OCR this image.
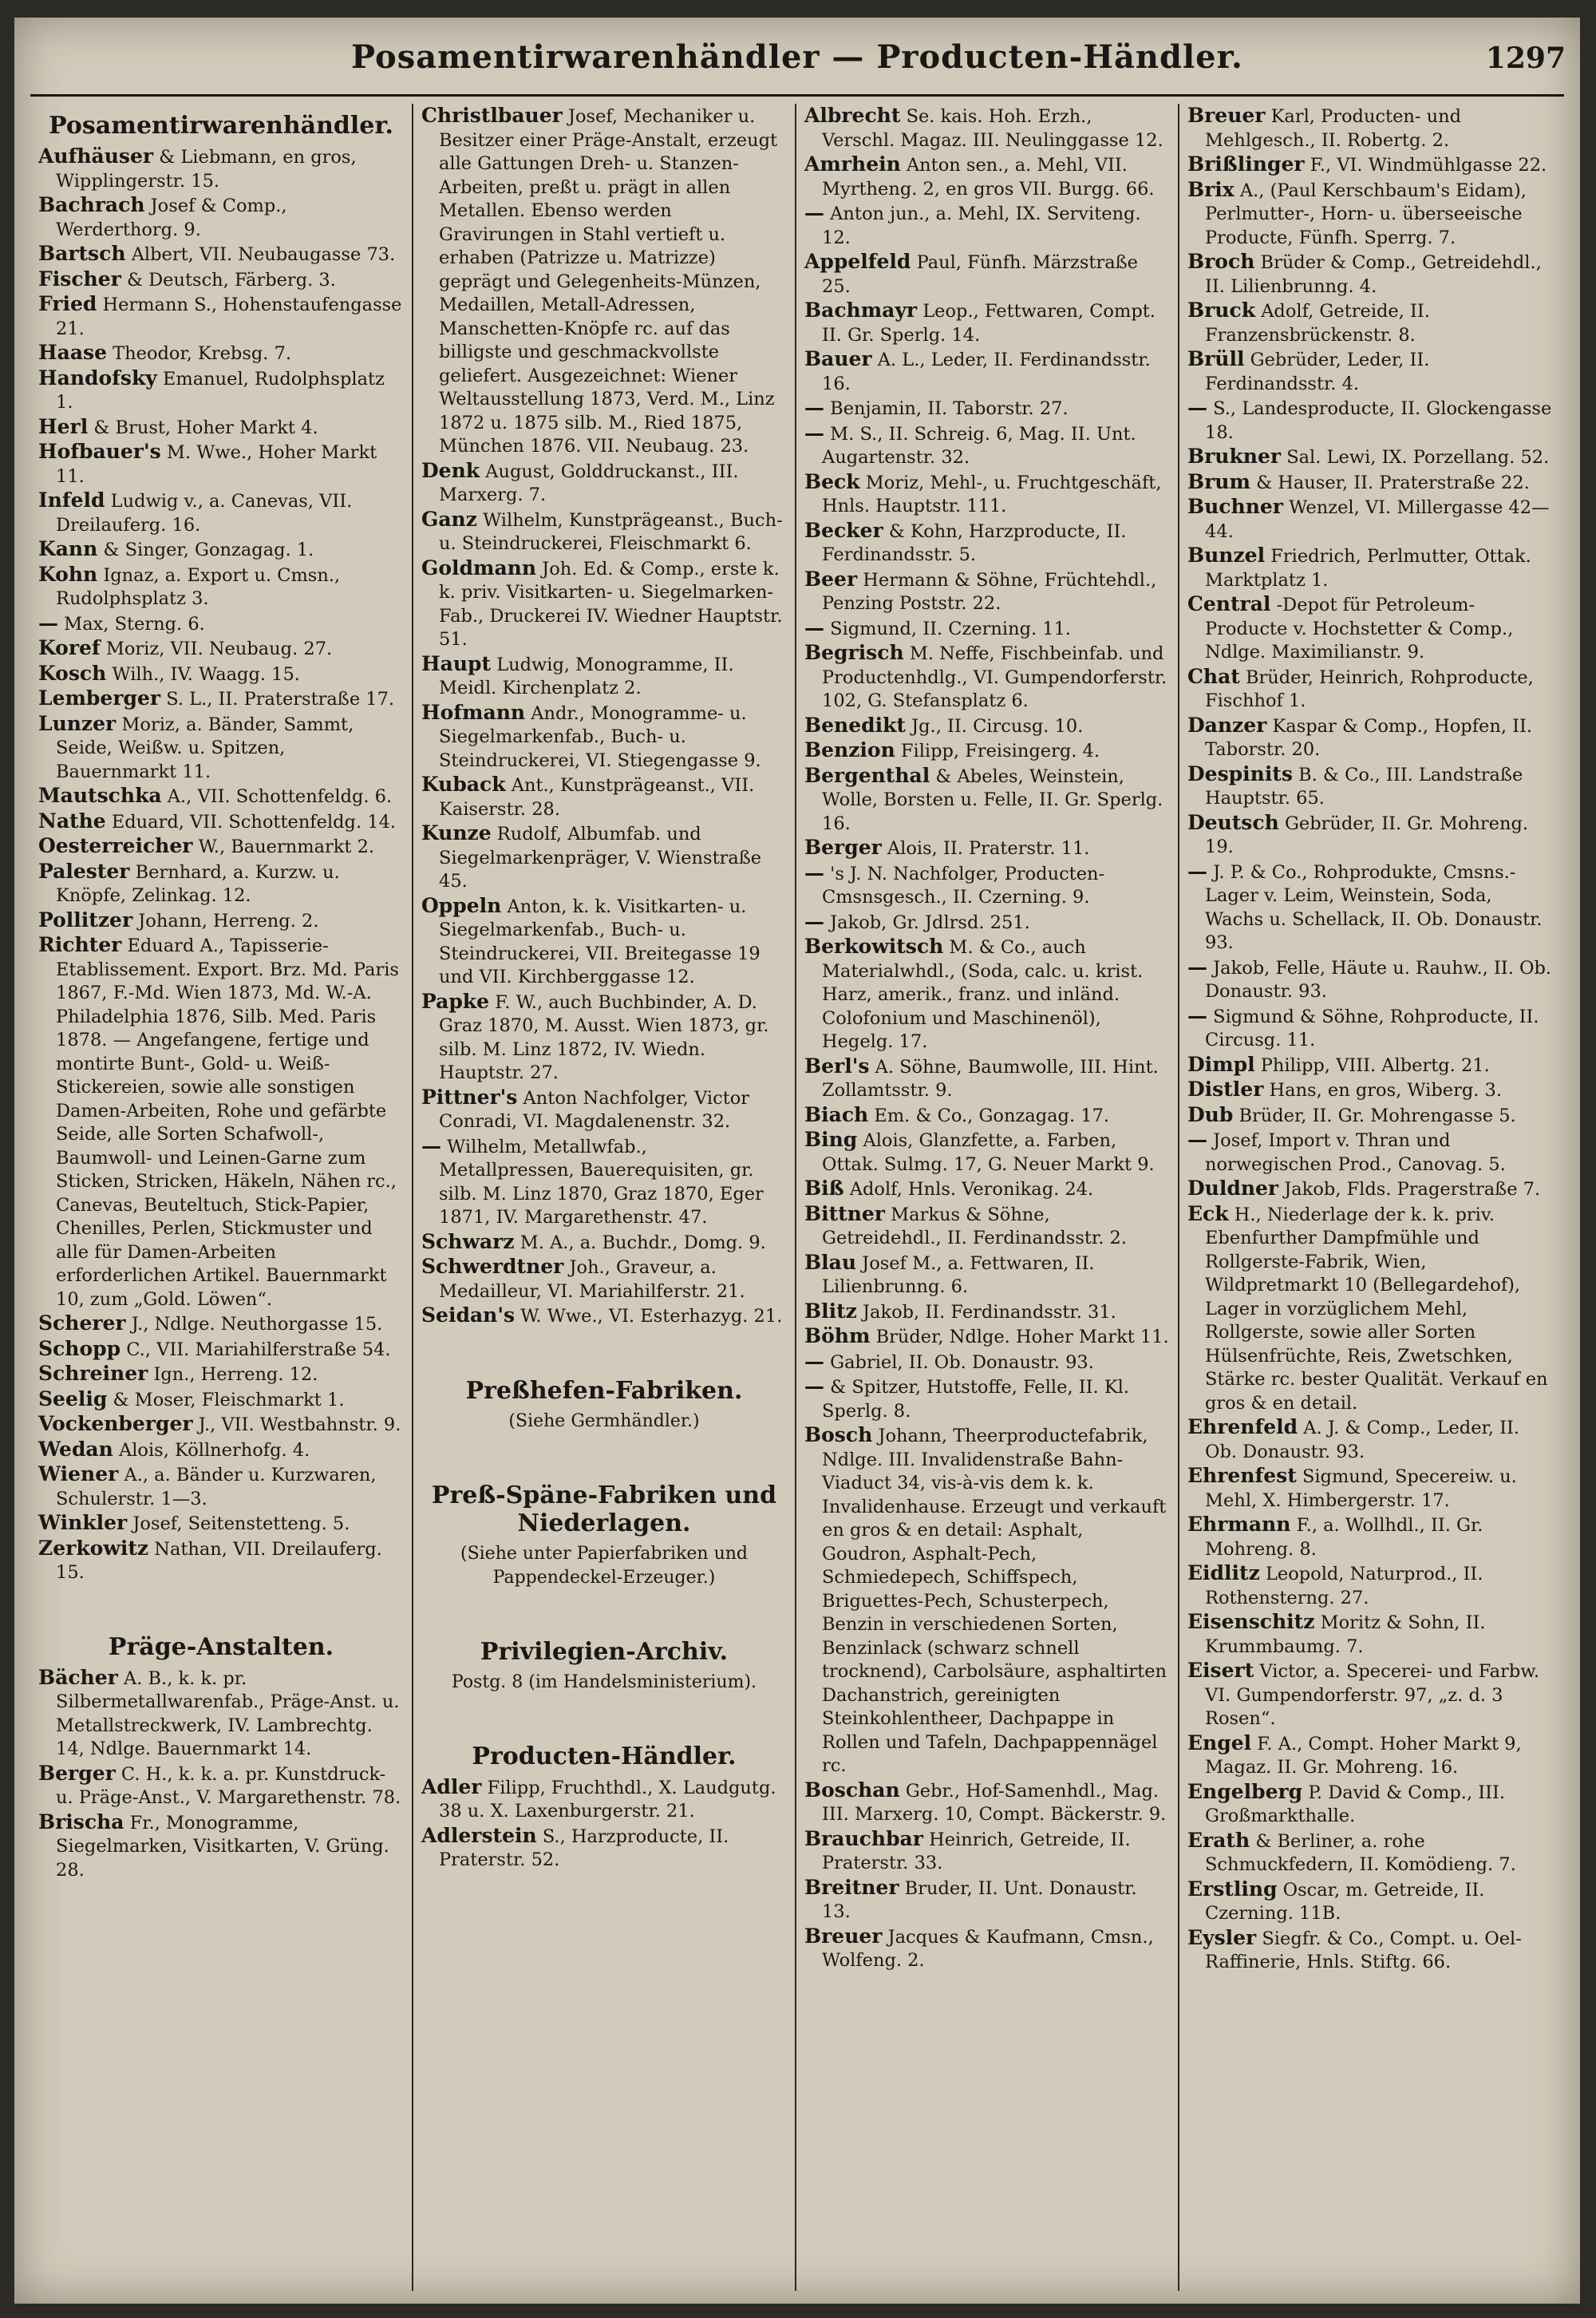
Posamentirwarenhändler — Producten-Händler.	1297
Posamentirwarenhändler.

Aufhäuser & Liebmann, en gros, Wipplingerstr. 15.

Bachrach Josef & Comp., Werderthorg. 9.

Bartsch Albert, VII. Neubaugasse 73.

Fischer & Deutsch, Färberg. 3.

Fried Hermann S., Hohenstaufengasse 21.

Haase Theodor, Krebsg. 7.

Handofsky Emanuel, Rudolphsplatz 1.

Herl & Brust, Hoher Markt 4.

Hofbauer's M. Wwe., Hoher Markt 11.

Infeld Ludwig v., a. Canevas, VII. Dreilauferg. 16.

Kann & Singer, Gonzagag. 1.

Kohn Ignaz, a. Export u. Cmsn., Rudolphsplatz 3.

— Max, Sterng. 6.

Koref Moriz, VII. Neubaug. 27.

Kosch Wilh., IV. Waagg. 15.

Lemberger S. L., II. Praterstraße 17.

Lunzer Moriz, a. Bänder, Sammt, Seide, Weißw. u. Spitzen, Bauernmarkt 11.

Mautschka A., VII. Schottenfeldg. 6.

Nathe Eduard, VII. Schottenfeldg. 14.

Oesterreicher W., Bauernmarkt 2.

Palester Bernhard, a. Kurzw. u. Knöpfe, Zelinkag. 12.

Pollitzer Johann, Herreng. 2.

Richter Eduard A., Tapisserie-Etablissement. Export. Brz. Md. Paris 1867, F.-Md. Wien 1873, Md. W.-A. Philadelphia 1876, Silb. Med. Paris 1878. — Angefangene, fertige und montirte Bunt-, Gold- u. Weiß-Stickereien, sowie alle sonstigen Damen-Arbeiten, Rohe und gefärbte Seide, alle Sorten Schafwoll-, Baumwoll- und Leinen-Garne zum Sticken, Stricken, Häkeln, Nähen rc., Canevas, Beuteltuch, Stick-Papier, Chenilles, Perlen, Stickmuster und alle für Damen-Arbeiten erforderlichen Artikel. Bauernmarkt 10, zum „Gold. Löwen“.

Scherer J., Ndlge. Neuthorgasse 15.

Schopp C., VII. Mariahilferstraße 54.

Schreiner Ign., Herreng. 12.

Seelig & Moser, Fleischmarkt 1.

Vockenberger J., VII. Westbahnstr. 9.

Wedan Alois, Köllnerhofg. 4.

Wiener A., a. Bänder u. Kurzwaren, Schulerstr. 1—3.

Winkler Josef, Seitenstetteng. 5.

Zerkowitz Nathan, VII. Dreilauferg. 15.

Präge-Anstalten.

Bächer A. B., k. k. pr. Silbermetallwarenfab., Präge-Anst. u. Metallstreckwerk, IV. Lambrechtg. 14, Ndlge. Bauernmarkt 14.

Berger C. H., k. k. a. pr. Kunstdruck- u. Präge-Anst., V. Margarethenstr. 78.

Brischa Fr., Monogramme, Siegelmarken, Visitkarten, V. Grüng. 28.

Christlbauer Josef, Mechaniker u. Besitzer einer Präge-Anstalt, erzeugt alle Gattungen Dreh- u. Stanzen-Arbeiten, preßt u. prägt in allen Metallen. Ebenso werden Gravirungen in Stahl vertieft u. erhaben (Patrizze u. Matrizze) geprägt und Gelegenheits-Münzen, Medaillen, Metall-Adressen, Manschetten-Knöpfe rc. auf das billigste und geschmackvollste geliefert. Ausgezeichnet: Wiener Weltausstellung 1873, Verd. M., Linz 1872 u. 1875 silb. M., Ried 1875, München 1876. VII. Neubaug. 23.

Denk August, Golddruckanst., III. Marxerg. 7.

Ganz Wilhelm, Kunstprägeanst., Buch- u. Steindruckerei, Fleischmarkt 6.

Goldmann Joh. Ed. & Comp., erste k. k. priv. Visitkarten- u. Siegelmarken-Fab., Druckerei IV. Wiedner Hauptstr. 51.

Haupt Ludwig, Monogramme, II. Meidl. Kirchenplatz 2.

Hofmann Andr., Monogramme- u. Siegelmarkenfab., Buch- u. Steindruckerei, VI. Stiegengasse 9.

Kuback Ant., Kunstprägeanst., VII. Kaiserstr. 28.

Kunze Rudolf, Albumfab. und Siegelmarkenpräger, V. Wienstraße 45.

Oppeln Anton, k. k. Visitkarten- u. Siegelmarkenfab., Buch- u. Steindruckerei, VII. Breitegasse 19 und VII. Kirchberggasse 12.

Papke F. W., auch Buchbinder, A. D. Graz 1870, M. Ausst. Wien 1873, gr. silb. M. Linz 1872, IV. Wiedn. Hauptstr. 27.

Pittner's Anton Nachfolger, Victor Conradi, VI. Magdalenenstr. 32.

— Wilhelm, Metallwfab., Metallpressen, Bauerequisiten, gr. silb. M. Linz 1870, Graz 1870, Eger 1871, IV. Margarethenstr. 47.

Schwarz M. A., a. Buchdr., Domg. 9.

Schwerdtner Joh., Graveur, a. Medailleur, VI. Mariahilferstr. 21.

Seidan's W. Wwe., VI. Esterhazyg. 21.

Preßhefen-Fabriken.
(Siehe Germhändler.)
Preß-Späne-Fabriken und Niederlagen.
(Siehe unter Papierfabriken und Pappendeckel-Erzeuger.)
Privilegien-Archiv.
Postg. 8 (im Handelsministerium).
Producten-Händler.

Adler Filipp, Fruchthdl., X. Laudgutg. 38 u. X. Laxenburgerstr. 21.

Adlerstein S., Harzproducte, II. Praterstr. 52.

Albrecht Se. kais. Hoh. Erzh., Verschl. Magaz. III. Neulinggasse 12.

Amrhein Anton sen., a. Mehl, VII. Myrtheng. 2, en gros VII. Burgg. 66.

— Anton jun., a. Mehl, IX. Serviteng. 12.

Appelfeld Paul, Fünfh. Märzstraße 25.

Bachmayr Leop., Fettwaren, Compt. II. Gr. Sperlg. 14.

Bauer A. L., Leder, II. Ferdinandsstr. 16.

— Benjamin, II. Taborstr. 27.

— M. S., II. Schreig. 6, Mag. II. Unt. Augartenstr. 32.

Beck Moriz, Mehl-, u. Fruchtgeschäft, Hnls. Hauptstr. 111.

Becker & Kohn, Harzproducte, II. Ferdinandsstr. 5.

Beer Hermann & Söhne, Früchtehdl., Penzing Poststr. 22.

— Sigmund, II. Czerning. 11.

Begrisch M. Neffe, Fischbeinfab. und Productenhdlg., VI. Gumpendorferstr. 102, G. Stefansplatz 6.

Benedikt Jg., II. Circusg. 10.

Benzion Filipp, Freisingerg. 4.

Bergenthal & Abeles, Weinstein, Wolle, Borsten u. Felle, II. Gr. Sperlg. 16.

Berger Alois, II. Praterstr. 11.

— 's J. N. Nachfolger, Producten-Cmsnsgesch., II. Czerning. 9.

— Jakob, Gr. Jdlrsd. 251.

Berkowitsch M. & Co., auch Materialwhdl., (Soda, calc. u. krist. Harz, amerik., franz. und inländ. Colofonium und Maschinenöl), Hegelg. 17.

Berl's A. Söhne, Baumwolle, III. Hint. Zollamtsstr. 9.

Biach Em. & Co., Gonzagag. 17.

Bing Alois, Glanzfette, a. Farben, Ottak. Sulmg. 17, G. Neuer Markt 9.

Biß Adolf, Hnls. Veronikag. 24.

Bittner Markus & Söhne, Getreidehdl., II. Ferdinandsstr. 2.

Blau Josef M., a. Fettwaren, II. Lilienbrunng. 6.

Blitz Jakob, II. Ferdinandsstr. 31.

Böhm Brüder, Ndlge. Hoher Markt 11.

— Gabriel, II. Ob. Donaustr. 93.

— & Spitzer, Hutstoffe, Felle, II. Kl. Sperlg. 8.

Bosch Johann, Theerproductefabrik, Ndlge. III. Invalidenstraße Bahn-Viaduct 34, vis-à-vis dem k. k. Invalidenhause. Erzeugt und verkauft en gros & en detail: Asphalt, Goudron, Asphalt-Pech, Schmiedepech, Schiffspech, Briguettes-Pech, Schusterpech, Benzin in verschiedenen Sorten, Benzinlack (schwarz schnell trocknend), Carbolsäure, asphaltirten Dachanstrich, gereinigten Steinkohlentheer, Dachpappe in Rollen und Tafeln, Dachpappennägel rc.

Boschan Gebr., Hof-Samenhdl., Mag. III. Marxerg. 10, Compt. Bäckerstr. 9.

Brauchbar Heinrich, Getreide, II. Praterstr. 33.

Breitner Bruder, II. Unt. Donaustr. 13.

Breuer Jacques & Kaufmann, Cmsn., Wolfeng. 2.

Breuer Karl, Producten- und Mehlgesch., II. Robertg. 2.

Brißlinger F., VI. Windmühlgasse 22.

Brix A., (Paul Kerschbaum's Eidam), Perlmutter-, Horn- u. überseeische Producte, Fünfh. Sperrg. 7.

Broch Brüder & Comp., Getreidehdl., II. Lilienbrunng. 4.

Bruck Adolf, Getreide, II. Franzensbrückenstr. 8.

Brüll Gebrüder, Leder, II. Ferdinandsstr. 4.

— S., Landesproducte, II. Glockengasse 18.

Brukner Sal. Lewi, IX. Porzellang. 52.

Brum & Hauser, II. Praterstraße 22.

Buchner Wenzel, VI. Millergasse 42—44.

Bunzel Friedrich, Perlmutter, Ottak. Marktplatz 1.

Central -Depot für Petroleum-Producte v. Hochstetter & Comp., Ndlge. Maximilianstr. 9.

Chat Brüder, Heinrich, Rohproducte, Fischhof 1.

Danzer Kaspar & Comp., Hopfen, II. Taborstr. 20.

Despinits B. & Co., III. Landstraße Hauptstr. 65.

Deutsch Gebrüder, II. Gr. Mohreng. 19.

— J. P. & Co., Rohprodukte, Cmsns.-Lager v. Leim, Weinstein, Soda, Wachs u. Schellack, II. Ob. Donaustr. 93.

— Jakob, Felle, Häute u. Rauhw., II. Ob. Donaustr. 93.

— Sigmund & Söhne, Rohproducte, II. Circusg. 11.

Dimpl Philipp, VIII. Albertg. 21.

Distler Hans, en gros, Wiberg. 3.

Dub Brüder, II. Gr. Mohrengasse 5.

— Josef, Import v. Thran und norwegischen Prod., Canovag. 5.

Duldner Jakob, Flds. Pragerstraße 7.

Eck H., Niederlage der k. k. priv. Ebenfurther Dampfmühle und Rollgerste-Fabrik, Wien, Wildpretmarkt 10 (Bellegardehof), Lager in vorzüglichem Mehl, Rollgerste, sowie aller Sorten Hülsenfrüchte, Reis, Zwetschken, Stärke rc. bester Qualität. Verkauf en gros & en detail.

Ehrenfeld A. J. & Comp., Leder, II. Ob. Donaustr. 93.

Ehrenfest Sigmund, Specereiw. u. Mehl, X. Himbergerstr. 17.

Ehrmann F., a. Wollhdl., II. Gr. Mohreng. 8.

Eidlitz Leopold, Naturprod., II. Rothensterng. 27.

Eisenschitz Moritz & Sohn, II. Krummbaumg. 7.

Eisert Victor, a. Specerei- und Farbw. VI. Gumpendorferstr. 97, „z. d. 3 Rosen“.

Engel F. A., Compt. Hoher Markt 9, Magaz. II. Gr. Mohreng. 16.

Engelberg P. David & Comp., III. Großmarkthalle.

Erath & Berliner, a. rohe Schmuckfedern, II. Komödieng. 7.

Erstling Oscar, m. Getreide, II. Czerning. 11B.

Eysler Siegfr. & Co., Compt. u. Oel-Raffinerie, Hnls. Stiftg. 66.
